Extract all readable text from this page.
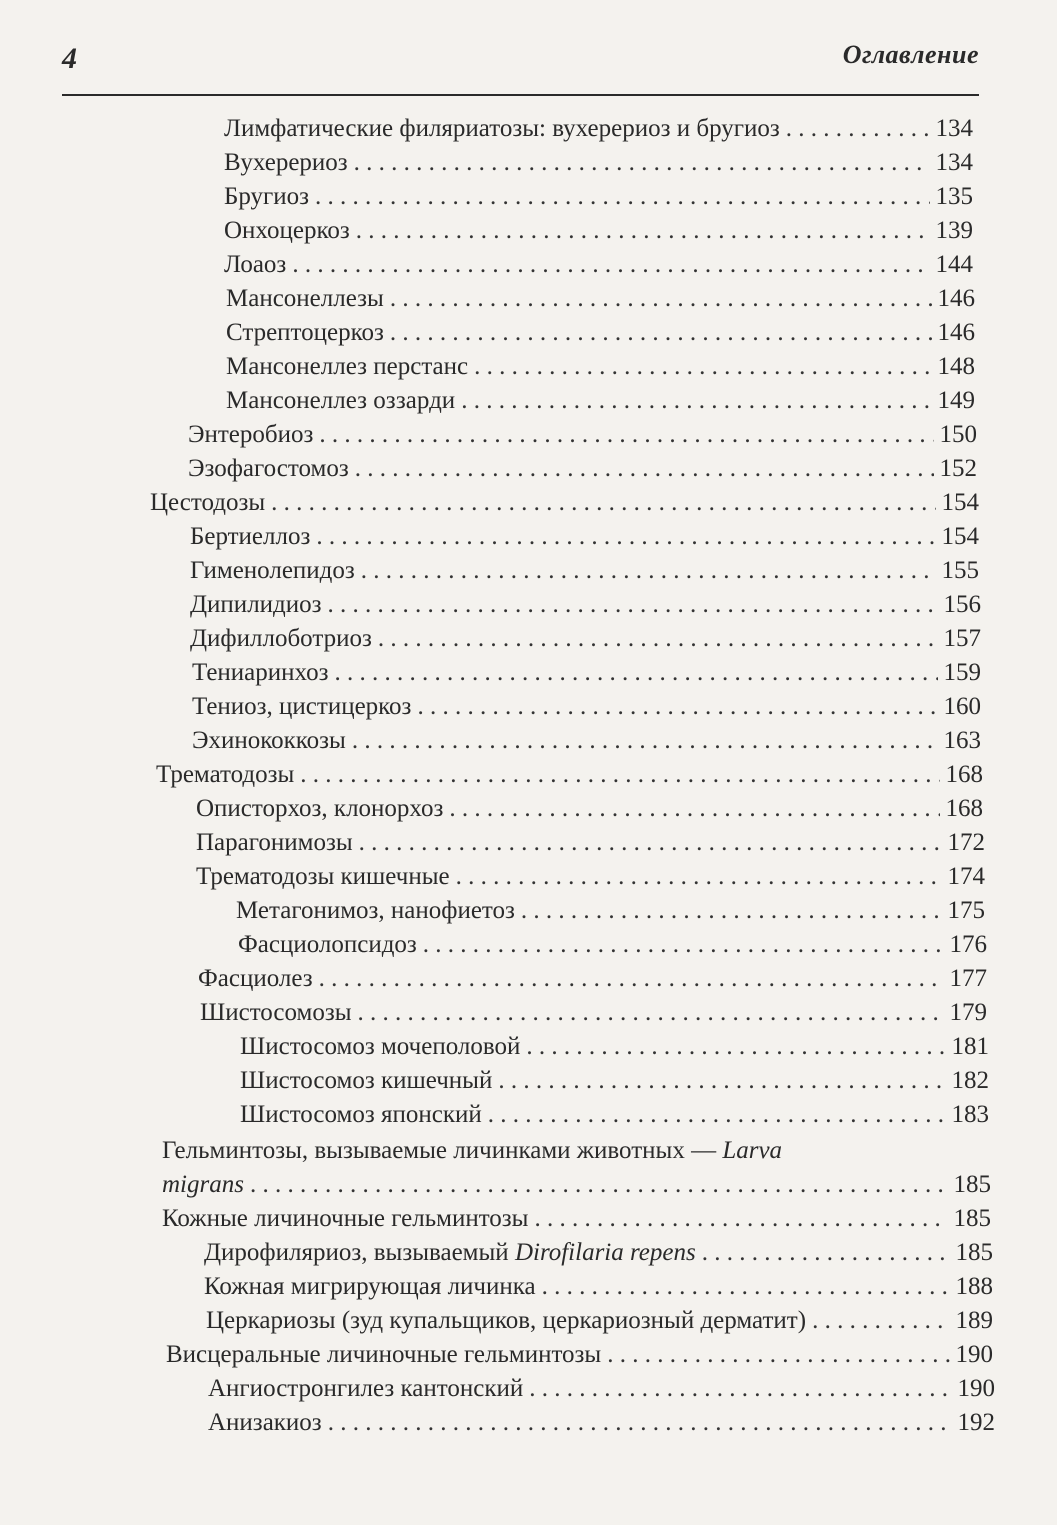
4	Оглавление
Лимфатические филяриатозы: вухерериоз и бругиоз . . .	134
Вухерериоз . . .	134
Бругиоз . . .	135
Онхоцеркоз . . .	139
Лоаоз . . .	144
Мансонеллезы . . .	146
Стрептоцеркоз . . .	146
Мансонеллез перстанс . . .	148
Мансонеллез оззарди . . .	149
Энтеробиоз . . .	150
Эзофагостомоз . . .	152
Цестодозы . . .	154
Бертиеллоз . . .	154
Гименолепидоз . . .	155
Дипилидиоз . . .	156
Дифиллоботриоз . . .	157
Тениаринхоз . . .	159
Тениоз, цистицеркоз . . .	160
Эхинококкозы . . .	163
Трематодозы . . .	168
Описторхоз, клонорхоз . . .	168
Парагонимозы . . .	172
Трематодозы кишечные . . .	174
Метагонимоз, нанофиетоз . . .	175
Фасциолопсидоз . . .	176
Фасциолез . . .	177
Шистосомозы . . .	179
Шистосомоз мочеполовой . . .	181
Шистосомоз кишечный . . .	182
Шистосомоз японский . . .	183
Гельминтозы, вызываемые личинками животных — Larva
migrans . . .	185
Кожные личиночные гельминтозы . . .	185
Дирофиляриоз, вызываемый Dirofilaria repens . . .	185
Кожная мигрирующая личинка . . .	188
Церкариозы (зуд купальщиков, церкариозный дерматит) . . .	189
Висцеральные личиночные гельминтозы . . .	190
Ангиостронгилез кантонский . . .	190
Анизакиоз . . .	192
